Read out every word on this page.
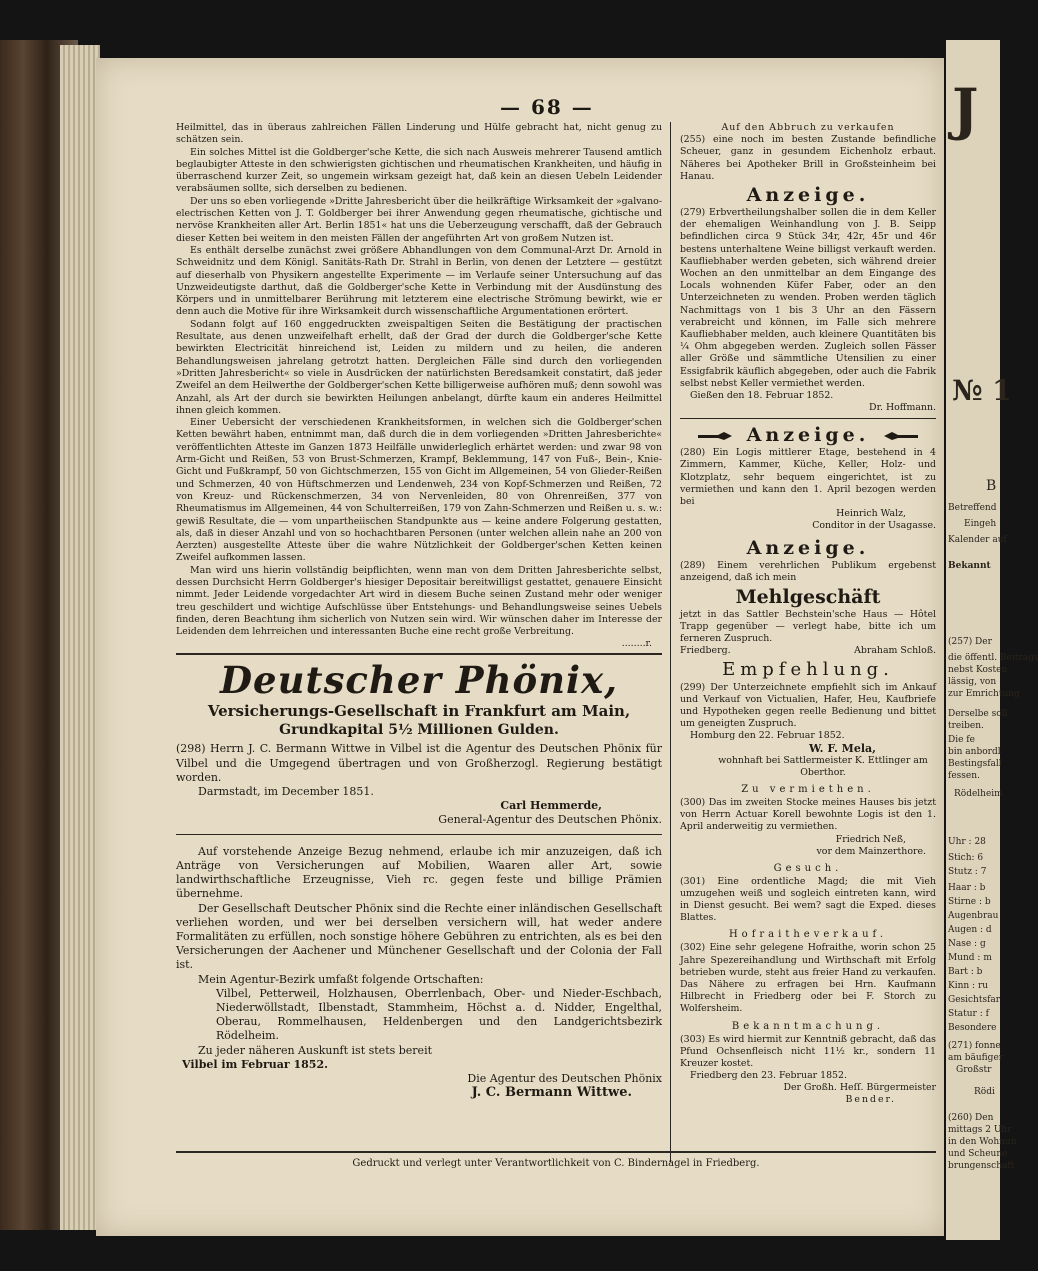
J
№ 1
B
Betreffend
Eingeh
Kalender auf
Bekannt
(257) Der
die öffentl. Beitrags
nebst Kosten
lässig, von
zur Emrichtung
Derselbe soll
treiben.
Die fe
bin anbordl
Bestingsfall
fessen.
Rödelheim
Uhr : 28
Stich: 6
Stutz : 7
Haar : b
Stirne : b
Augenbrau
Augen : d
Nase : g
Mund : m
Bart : b
Kinn : ru
Gesichtsfar
Statur : f
Besondere
(271) fonne
am bäufiger
Großstr
Rödi
(260) Den
mittags 2 Uhr
in den Wohnun
und Scheune
brungenschaft
— 68 —

Heilmittel, das in überaus zahlreichen Fällen Linderung und Hülfe gebracht hat, nicht genug zu schätzen sein.

Ein solches Mittel ist die Goldberger'sche Kette, die sich nach Ausweis mehrerer Tausend amtlich beglaubigter Atteste in den schwierigsten gichtischen und rheumatischen Krankheiten, und häufig in überraschend kurzer Zeit, so ungemein wirksam gezeigt hat, daß kein an diesen Uebeln Leidender verabsäumen sollte, sich derselben zu bedienen.

Der uns so eben vorliegende »Dritte Jahresbericht über die heilkräftige Wirksamkeit der »galvano-electrischen Ketten von J. T. Goldberger bei ihrer Anwendung gegen rheumatische, gichtische und nervöse Krankheiten aller Art. Berlin 1851« hat uns die Ueberzeugung verschafft, daß der Gebrauch dieser Ketten bei weitem in den meisten Fällen der angeführten Art von großem Nutzen ist.

Es enthält derselbe zunächst zwei größere Abhandlungen von dem Communal-Arzt Dr. Arnold in Schweidnitz und dem Königl. Sanitäts-Rath Dr. Strahl in Berlin, von denen der Letztere — gestützt auf dieserhalb von Physikern angestellte Experimente — im Verlaufe seiner Untersuchung auf das Unzweideutigste darthut, daß die Goldberger'sche Kette in Verbindung mit der Ausdünstung des Körpers und in unmittelbarer Berührung mit letzterem eine electrische Strömung bewirkt, wie er denn auch die Motive für ihre Wirksamkeit durch wissenschaftliche Argumentationen erörtert.

Sodann folgt auf 160 enggedruckten zweispaltigen Seiten die Bestätigung der practischen Resultate, aus denen unzweifelhaft erhellt, daß der Grad der durch die Goldberger'sche Kette bewirkten Electricität hinreichend ist, Leiden zu mildern und zu heilen, die anderen Behandlungsweisen jahrelang getrotzt hatten. Dergleichen Fälle sind durch den vorliegenden »Dritten Jahresbericht« so viele in Ausdrücken der natürlichsten Beredsamkeit constatirt, daß jeder Zweifel an dem Heilwerthe der Goldberger'schen Kette billigerweise aufhören muß; denn sowohl was Anzahl, als Art der durch sie bewirkten Heilungen anbelangt, dürfte kaum ein anderes Heilmittel ihnen gleich kommen.

Einer Uebersicht der verschiedenen Krankheitsformen, in welchen sich die Goldberger'schen Ketten bewährt haben, entnimmt man, daß durch die in dem vorliegenden »Dritten Jahresberichte« veröffentlichten Atteste im Ganzen 1873 Heilfälle unwiderleglich erhärtet werden: und zwar 98 von Arm-Gicht und Reißen, 53 von Brust-Schmerzen, Krampf, Beklemmung, 147 von Fuß-, Bein-, Knie-Gicht und Fußkrampf, 50 von Gichtschmerzen, 155 von Gicht im Allgemeinen, 54 von Glieder-Reißen und Schmerzen, 40 von Hüftschmerzen und Lendenweh, 234 von Kopf-Schmerzen und Reißen, 72 von Kreuz- und Rückenschmerzen, 34 von Nervenleiden, 80 von Ohrenreißen, 377 von Rheumatismus im Allgemeinen, 44 von Schulterreißen, 179 von Zahn-Schmerzen und Reißen u. s. w.: gewiß Resultate, die — vom unpartheiischen Standpunkte aus — keine andere Folgerung gestatten, als, daß in dieser Anzahl und von so hochachtbaren Personen (unter welchen allein nahe an 200 von Aerzten) ausgestellte Atteste über die wahre Nützlichkeit der Goldberger'schen Ketten keinen Zweifel aufkommen lassen.

Man wird uns hierin vollständig beipflichten, wenn man von dem Dritten Jahresberichte selbst, dessen Durchsicht Herrn Goldberger's hiesiger Depositair bereitwilligst gestattet, genauere Einsicht nimmt. Jeder Leidende vorgedachter Art wird in diesem Buche seinen Zustand mehr oder weniger treu geschildert und wichtige Aufschlüsse über Entstehungs- und Behandlungsweise seines Uebels finden, deren Beachtung ihm sicherlich von Nutzen sein wird. Wir wünschen daher im Interesse der Leidenden dem lehrreichen und interessanten Buche eine recht große Verbreitung.

........r.
Deutscher Phönix,
Versicherungs-Gesellschaft in Frankfurt am Main,
Grundkapital 5½ Millionen Gulden.

(298) Herrn J. C. Bermann Wittwe in Vilbel ist die Agentur des Deutschen Phönix für Vilbel und die Umgegend übertragen und von Großherzogl. Regierung bestätigt worden.

Darmstadt, im December 1851.

Carl Hemmerde,
General-Agentur des Deutschen Phönix.

Auf vorstehende Anzeige Bezug nehmend, erlaube ich mir anzuzeigen, daß ich Anträge von Versicherungen auf Mobilien, Waaren aller Art, sowie landwirthschaftliche Erzeugnisse, Vieh rc. gegen feste und billige Prämien übernehme.

Der Gesellschaft Deutscher Phönix sind die Rechte einer inländischen Gesellschaft verliehen worden, und wer bei derselben versichern will, hat weder andere Formalitäten zu erfüllen, noch sonstige höhere Gebühren zu entrichten, als es bei den Versicherungen der Aachener und Münchener Gesellschaft und der Colonia der Fall ist.

Mein Agentur-Bezirk umfaßt folgende Ortschaften:

Vilbel, Petterweil, Holzhausen, Oberrlenbach, Ober- und Nieder-Eschbach, Niederwöllstadt, Ilbenstadt, Stammheim, Höchst a. d. Nidder, Engelthal, Oberau, Rommelhausen, Heldenbergen und den Landgerichtsbezirk Rödelheim.

Zu jeder näheren Auskunft ist stets bereit

Vilbel im Februar 1852.

Die Agentur des Deutschen Phönix
J. C. Bermann Wittwe.
Auf den Abbruch zu verkaufen

(255) eine noch im besten Zustande befindliche Scheuer, ganz in gesundem Eichenholz erbaut. Näheres bei Apotheker Brill in Großsteinheim bei Hanau.

Anzeige.

(279) Erbvertheilungshalber sollen die in dem Keller der ehemaligen Weinhandlung von J. B. Seipp befindlichen circa 9 Stück 34r, 42r, 45r und 46r bestens unterhaltene Weine billigst verkauft werden. Kaufliebhaber werden gebeten, sich während dreier Wochen an den unmittelbar an dem Eingange des Locals wohnenden Küfer Faber, oder an den Unterzeichneten zu wenden. Proben werden täglich Nachmittags von 1 bis 3 Uhr an den Fässern verabreicht und können, im Falle sich mehrere Kaufliebhaber melden, auch kleinere Quantitäten bis ¼ Ohm abgegeben werden. Zugleich sollen Fässer aller Größe und sämmtliche Utensilien zu einer Essigfabrik käuflich abgegeben, oder auch die Fabrik selbst nebst Keller vermiethet werden.

Gießen den 18. Februar 1852.

Dr. Hoffmann.
Anzeige.

(280) Ein Logis mittlerer Etage, bestehend in 4 Zimmern, Kammer, Küche, Keller, Holz- und Klotzplatz, sehr bequem eingerichtet, ist zu vermiethen und kann den 1. April bezogen werden bei

Heinrich Walz,
Conditor in der Usagasse.
Anzeige.

(289) Einem verehrlichen Publikum ergebenst anzeigend, daß ich mein

Mehlgeschäft

jetzt in das Sattler Bechstein'sche Haus — Hôtel Trapp gegenüber — verlegt habe, bitte ich um ferneren Zuspruch.

Friedberg.	Abraham Schloß.
Empfehlung.

(299) Der Unterzeichnete empfiehlt sich im Ankauf und Verkauf von Victualien, Hafer, Heu, Kaufbriefe und Hypotheken gegen reelle Bedienung und bittet um geneigten Zuspruch.

Homburg den 22. Februar 1852.

W. F. Mela,
wohnhaft bei Sattlermeister K. Ettlinger am Oberthor.
Zu vermiethen.

(300) Das im zweiten Stocke meines Hauses bis jetzt von Herrn Actuar Korell bewohnte Logis ist den 1. April anderweitig zu vermiethen.

Friedrich Neß,
vor dem Mainzerthore.
Gesuch.

(301) Eine ordentliche Magd; die mit Vieh umzugehen weiß und sogleich eintreten kann, wird in Dienst gesucht. Bei wem? sagt die Exped. dieses Blattes.

Hofraitheverkauf.

(302) Eine sehr gelegene Hofraithe, worin schon 25 Jahre Spezereihandlung und Wirthschaft mit Erfolg betrieben wurde, steht aus freier Hand zu verkaufen. Das Nähere zu erfragen bei Hrn. Kaufmann Hilbrecht in Friedberg oder bei F. Storch zu Wolfersheim.

Bekanntmachung.

(303) Es wird hiermit zur Kenntniß gebracht, daß das Pfund Ochsenfleisch nicht 11½ kr., sondern 11 Kreuzer kostet.

Friedberg den 23. Februar 1852.

Der Großh. Heſſ. Bürgermeister
Bender.
Gedruckt und verlegt unter Verantwortlichkeit von C. Bindernagel in Friedberg.
